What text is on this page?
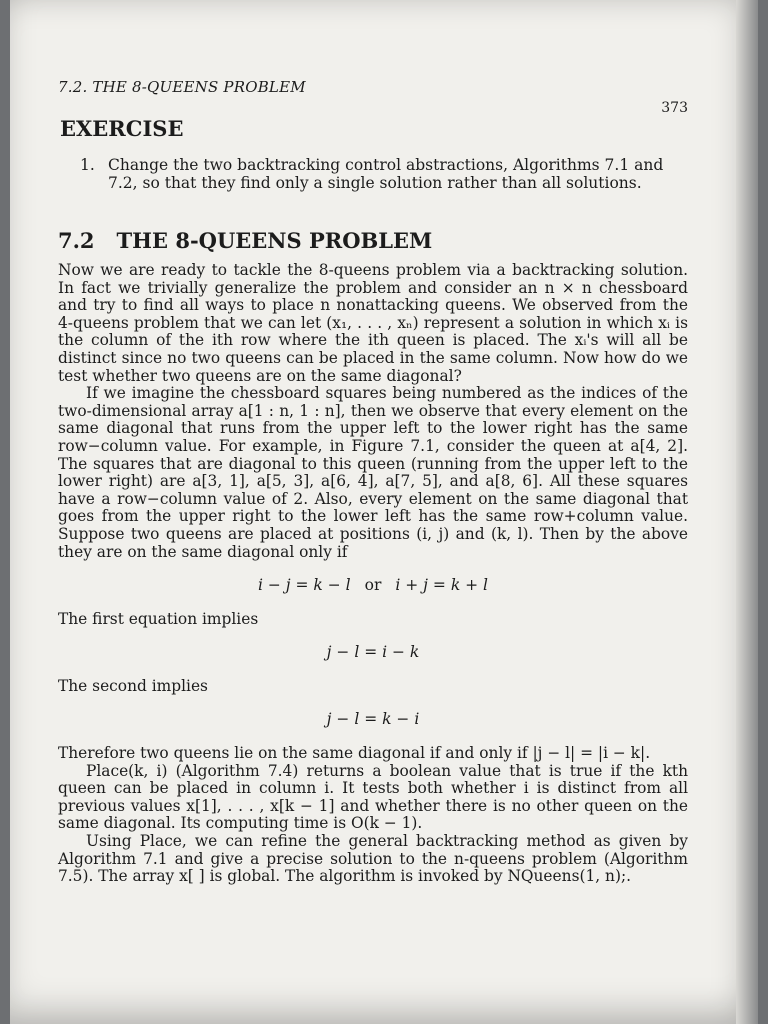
7.2. THE 8-QUEENS PROBLEM
373
EXERCISE
1. Change the two backtracking control abstractions, Algorithms 7.1 and 7.2, so that they find only a single solution rather than all solutions.
7.2 THE 8-QUEENS PROBLEM

Now we are ready to tackle the 8-queens problem via a backtracking solution. In fact we trivially generalize the problem and consider an n × n chessboard and try to find all ways to place n nonattacking queens. We observed from the 4-queens problem that we can let (x₁, . . . , xₙ) represent a solution in which xᵢ is the column of the ith row where the ith queen is placed. The xᵢ's will all be distinct since no two queens can be placed in the same column. Now how do we test whether two queens are on the same diagonal?

If we imagine the chessboard squares being numbered as the indices of the two-dimensional array a[1 : n, 1 : n], then we observe that every element on the same diagonal that runs from the upper left to the lower right has the same row−column value. For example, in Figure 7.1, consider the queen at a[4, 2]. The squares that are diagonal to this queen (running from the upper left to the lower right) are a[3, 1], a[5, 3], a[6, 4], a[7, 5], and a[8, 6]. All these squares have a row−column value of 2. Also, every element on the same diagonal that goes from the upper right to the lower left has the same row+column value. Suppose two queens are placed at positions (i, j) and (k, l). Then by the above they are on the same diagonal only if

i − j = k − l or i + j = k + l

The first equation implies

j − l = i − k

The second implies

j − l = k − i

Therefore two queens lie on the same diagonal if and only if |j − l| = |i − k|.

Place(k, i) (Algorithm 7.4) returns a boolean value that is true if the kth queen can be placed in column i. It tests both whether i is distinct from all previous values x[1], . . . , x[k − 1] and whether there is no other queen on the same diagonal. Its computing time is O(k − 1).

Using Place, we can refine the general backtracking method as given by Algorithm 7.1 and give a precise solution to the n-queens problem (Algorithm 7.5). The array x[ ] is global. The algorithm is invoked by NQueens(1, n);.
